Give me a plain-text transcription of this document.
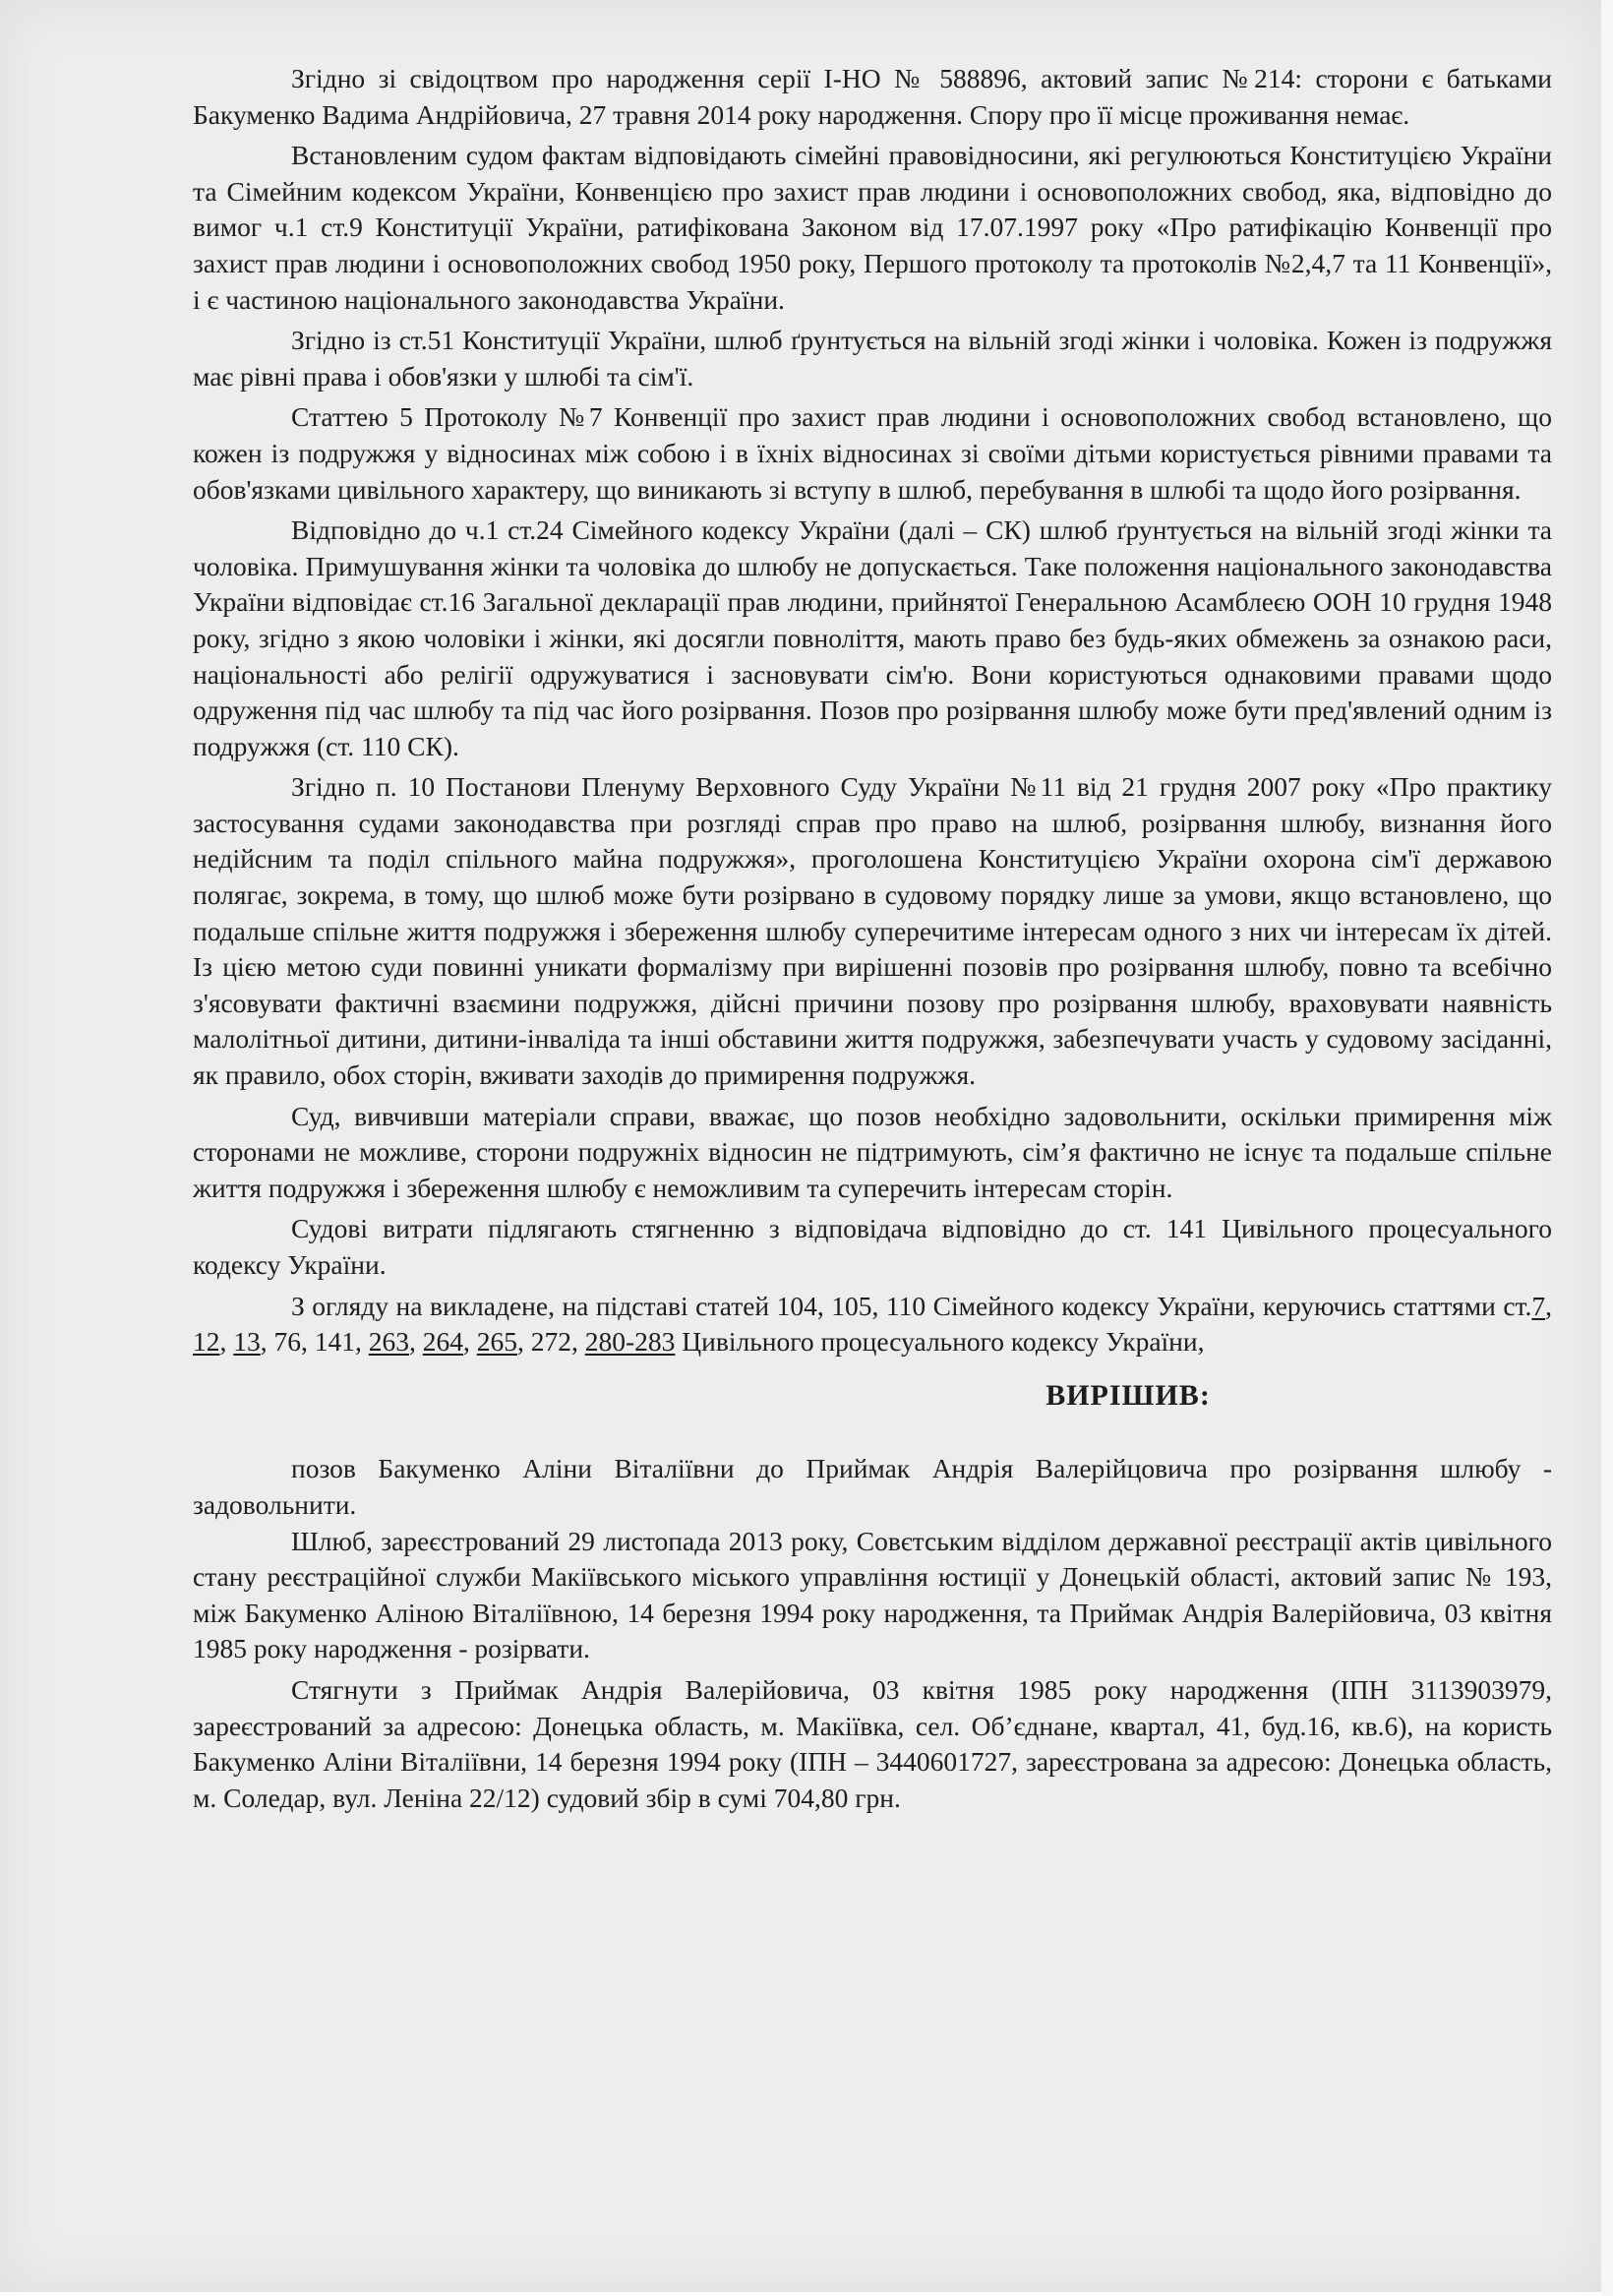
Згідно зі свідоцтвом про народження серії І-НО № 588896, актовий запис №214: сторони є батьками Бакуменко Вадима Андрійовича, 27 травня 2014 року народження. Спору про її місце проживання немає.

Встановленим судом фактам відповідають сімейні правовідносини, які регулюються Конституцією України та Сімейним кодексом України, Конвенцією про захист прав людини і основоположних свобод, яка, відповідно до вимог ч.1 ст.9 Конституції України, ратифікована Законом від 17.07.1997 року «Про ратифікацію Конвенції про захист прав людини і основоположних свобод 1950 року, Першого протоколу та протоколів №2,4,7 та 11 Конвенції», і є частиною національного законодавства України.

Згідно із ст.51 Конституції України, шлюб ґрунтується на вільній згоді жінки і чоловіка. Кожен із подружжя має рівні права і обов'язки у шлюбі та сім'ї.

Статтею 5 Протоколу №7 Конвенції про захист прав людини і основоположних свобод встановлено, що кожен із подружжя у відносинах між собою і в їхніх відносинах зі своїми дітьми користується рівними правами та обов'язками цивільного характеру, що виникають зі вступу в шлюб, перебування в шлюбі та щодо його розірвання.

Відповідно до ч.1 ст.24 Сімейного кодексу України (далі – СК) шлюб ґрунтується на вільній згоді жінки та чоловіка. Примушування жінки та чоловіка до шлюбу не допускається. Таке положення національного законодавства України відповідає ст.16 Загальної декларації прав людини, прийнятої Генеральною Асамблеєю ООН 10 грудня 1948 року, згідно з якою чоловіки і жінки, які досягли повноліття, мають право без будь-яких обмежень за ознакою раси, національності або релігії одружуватися і засновувати сім'ю. Вони користуються однаковими правами щодо одруження під час шлюбу та під час його розірвання. Позов про розірвання шлюбу може бути пред'явлений одним із подружжя (ст. 110 СК).

Згідно п. 10 Постанови Пленуму Верховного Суду України №11 від 21 грудня 2007 року «Про практику застосування судами законодавства при розгляді справ про право на шлюб, розірвання шлюбу, визнання його недійсним та поділ спільного майна подружжя», проголошена Конституцією України охорона сім'ї державою полягає, зокрема, в тому, що шлюб може бути розірвано в судовому порядку лише за умови, якщо встановлено, що подальше спільне життя подружжя і збереження шлюбу суперечитиме інтересам одного з них чи інтересам їх дітей. Із цією метою суди повинні уникати формалізму при вирішенні позовів про розірвання шлюбу, повно та всебічно з'ясовувати фактичні взаємини подружжя, дійсні причини позову про розірвання шлюбу, враховувати наявність малолітньої дитини, дитини-інваліда та інші обставини життя подружжя, забезпечувати участь у судовому засіданні, як правило, обох сторін, вживати заходів до примирення подружжя.

Суд, вивчивши матеріали справи, вважає, що позов необхідно задовольнити, оскільки примирення між сторонами не можливе, сторони подружніх відносин не підтримують, сім’я фактично не існує та подальше спільне життя подружжя і збереження шлюбу є неможливим та суперечить інтересам сторін.

Судові витрати підлягають стягненню з відповідача відповідно до ст. 141 Цивільного процесуального кодексу України.

З огляду на викладене, на підставі статей 104, 105, 110 Сімейного кодексу України, керуючись статтями ст.7, 12, 13, 76, 141, 263, 264, 265, 272, 280-283 Цивільного процесуального кодексу України,

ВИРІШИВ:

позов Бакуменко Аліни Віталіївни до Приймак Андрія Валерійцовича про розірвання шлюбу - задовольнити.

Шлюб, зареєстрований 29 листопада 2013 року, Совєтським відділом державної реєстрації актів цивільного стану реєстраційної служби Макіївського міського управління юстиції у Донецькій області, актовий запис № 193, між Бакуменко Аліною Віталіївною, 14 березня 1994 року народження, та Приймак Андрія Валерійовича, 03 квітня 1985 року народження - розірвати.

Стягнути з Приймак Андрія Валерійовича, 03 квітня 1985 року народження (ІПН 3113903979, зареєстрований за адресою: Донецька область, м. Макіївка, сел. Об’єднане, квартал, 41, буд.16, кв.6), на користь Бакуменко Аліни Віталіївни, 14 березня 1994 року (ІПН – 3440601727, зареєстрована за адресою: Донецька область, м. Соледар, вул. Леніна 22/12) судовий збір в сумі 704,80 грн.
